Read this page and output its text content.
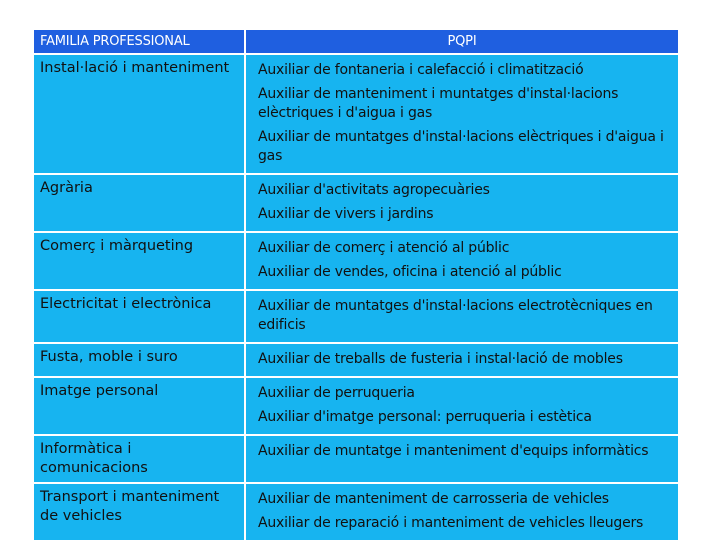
FAMILIA PROFESSIONAL	PQPI
Instal·lació i manteniment	Auxiliar de fontaneria i calefacció i climatització
Auxiliar de manteniment i muntatges d'instal·lacions elèctriques i d'aigua i gas
Auxiliar de muntatges d'instal·lacions elèctriques i d'aigua i gas

Agrària	Auxiliar d'activitats agropecuàries
Auxiliar de vivers i jardins

Comerç i màrqueting	Auxiliar de comerç i atenció al públic
Auxiliar de vendes, oficina i atenció al públic

Electricitat i electrònica	Auxiliar de muntatges d'instal·lacions electrotècniques en edificis

Fusta, moble i suro	Auxiliar de treballs de fusteria i instal·lació de mobles

Imatge personal	Auxiliar de perruqueria
Auxiliar d'imatge personal: perruqueria i estètica

Informàtica i comunicacions	Auxiliar de muntatge i manteniment d'equips informàtics

Transport i manteniment de vehicles	Auxiliar de manteniment de carrosseria de vehicles
Auxiliar de reparació i manteniment de vehicles lleugers
